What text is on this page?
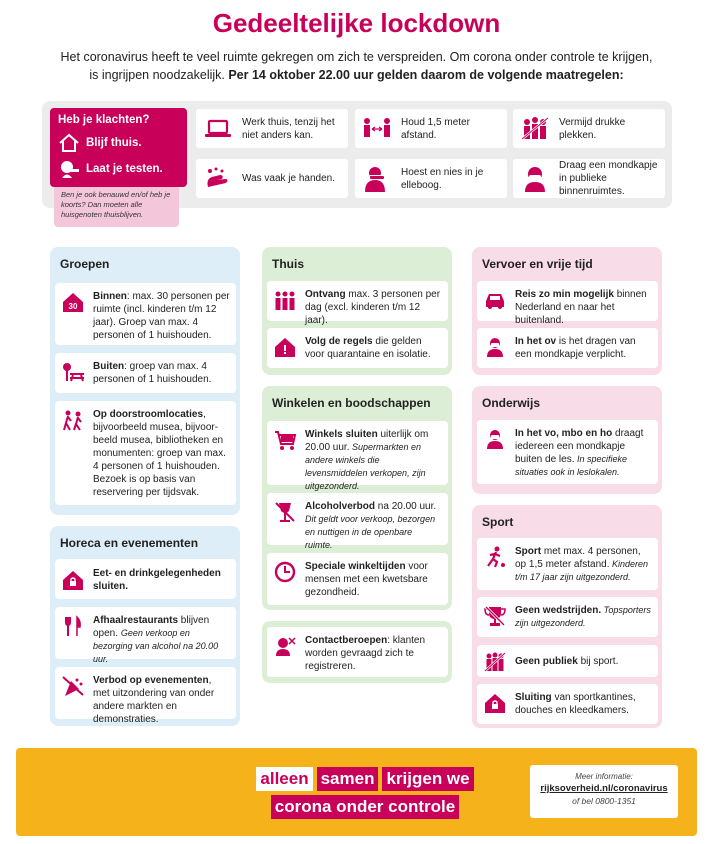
Gedeeltelijke lockdown
Het coronavirus heeft te veel ruimte gekregen om zich te verspreiden. Om corona onder controle te krijgen,
is ingrijpen noodzakelijk. Per 14 oktober 22.00 uur gelden daarom de volgende maatregelen:
Heb je klachten?
Blijf thuis.
Laat je testen.
Ben je ook benauwd en/of heb je koorts? Dan moeten alle huisgenoten thuisblijven.
Werk thuis, tenzij het niet anders kan.
Houd 1,5 meter afstand.
Vermijd drukke plekken.
Was vaak je handen.
Hoest en nies in je elleboog.
Draag een mondkapje in publieke binnenruimtes.
Groepen
30
Binnen: max. 30 personen per ruimte (incl. kinderen t/m 12 jaar). Groep van max. 4 personen of 1 huishouden.
Buiten: groep van max. 4 personen of 1 huishouden.
Op doorstroomlocaties, bijvoorbeeld musea, bijvoor-beeld musea, bibliotheken en monumenten: groep van max. 4 personen of 1 huishouden. Bezoek is op basis van reservering per tijdsvak.
Horeca en evenementen
Eet- en drinkgelegenheden sluiten.
Afhaalrestaurants blijven open. Geen verkoop en bezorging van alcohol na 20.00 uur.
Verbod op evenementen, met uitzondering van onder andere markten en demonstraties.
Thuis
Ontvang max. 3 personen per dag (excl. kinderen t/m 12 jaar).
Volg de regels die gelden voor quarantaine en isolatie.
Winkelen en boodschappen
Winkels sluiten uiterlijk om 20.00 uur. Supermarkten en andere winkels die levensmiddelen verkopen, zijn uitgezonderd.
Alcoholverbod na 20.00 uur. Dit geldt voor verkoop, bezorgen en nuttigen in de openbare ruimte.
Speciale winkeltijden voor mensen met een kwetsbare gezondheid.
Contactberoepen: klanten worden gevraagd zich te registreren.
Vervoer en vrije tijd
Reis zo min mogelijk binnen Nederland en naar het buitenland.
In het ov is het dragen van een mondkapje verplicht.
Onderwijs
In het vo, mbo en ho draagt iedereen een mondkapje buiten de les. In specifieke situaties ook in leslokalen.
Sport
Sport met max. 4 personen, op 1,5 meter afstand. Kinderen t/m 17 jaar zijn uitgezonderd.
Geen wedstrijden. Topsporters zijn uitgezonderd.
Geen publiek bij sport.
Sluiting van sportkantines, douches en kleedkamers.
alleen samen krijgen we
corona onder controle
Meer informatie:
rijksoverheid.nl/coronavirus
of bel 0800-1351
